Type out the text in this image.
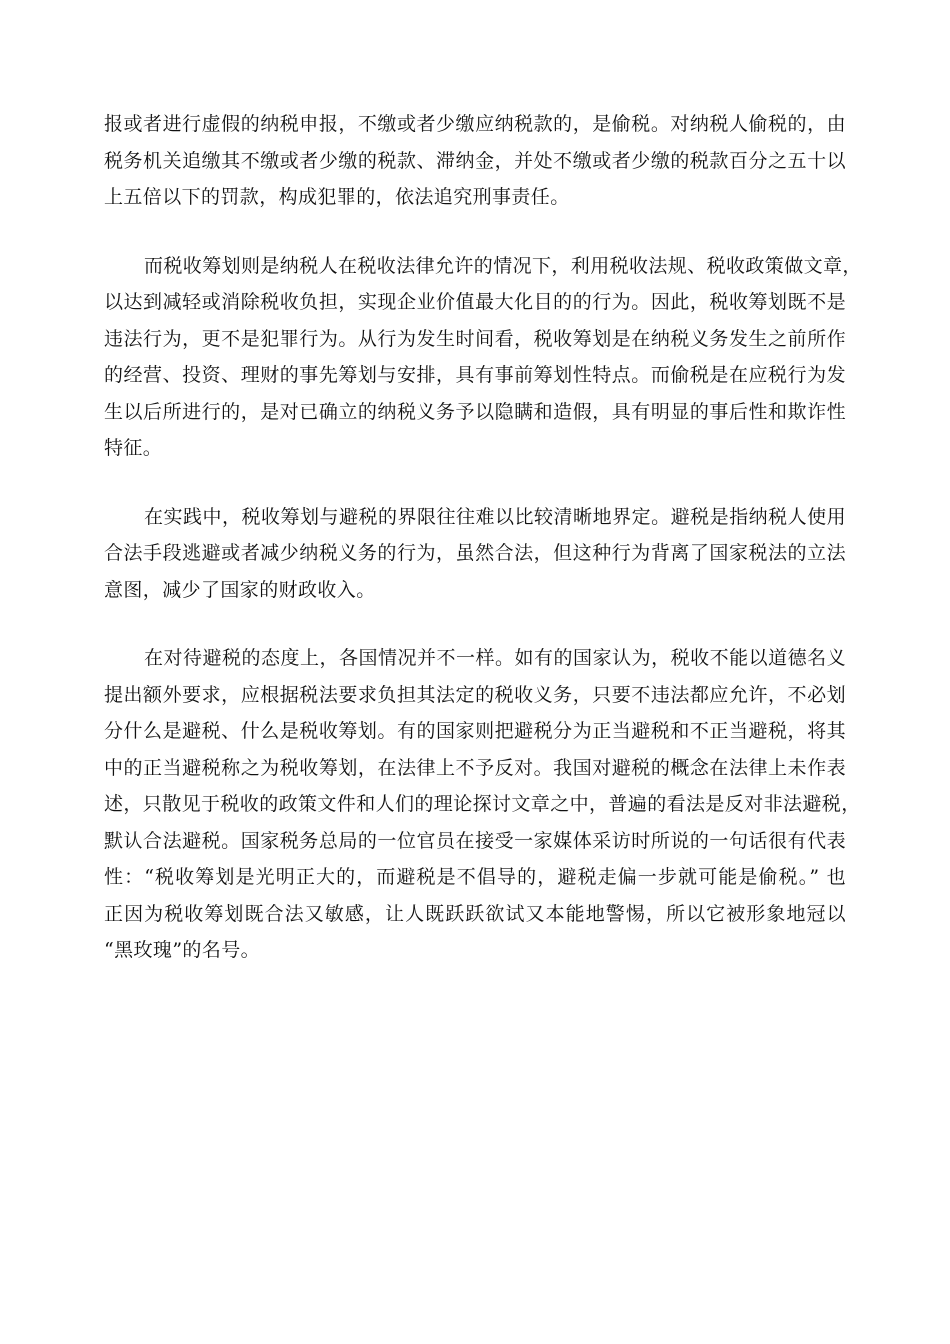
报或者进行虚假的纳税申报，不缴或者少缴应纳税款的，是偷税。对纳税人偷税的，由
税务机关追缴其不缴或者少缴的税款、滞纳金，并处不缴或者少缴的税款百分之五十以
上五倍以下的罚款，构成犯罪的，依法追究刑事责任。

而税收筹划则是纳税人在税收法律允许的情况下，利用税收法规、税收政策做文章，
以达到减轻或消除税收负担，实现企业价值最大化目的的行为。因此，税收筹划既不是
违法行为，更不是犯罪行为。从行为发生时间看，税收筹划是在纳税义务发生之前所作
的经营、投资、理财的事先筹划与安排，具有事前筹划性特点。而偷税是在应税行为发
生以后所进行的，是对已确立的纳税义务予以隐瞒和造假，具有明显的事后性和欺诈性
特征。

在实践中，税收筹划与避税的界限往往难以比较清晰地界定。避税是指纳税人使用
合法手段逃避或者减少纳税义务的行为，虽然合法，但这种行为背离了国家税法的立法
意图，减少了国家的财政收入。

在对待避税的态度上，各国情况并不一样。如有的国家认为，税收不能以道德名义
提出额外要求，应根据税法要求负担其法定的税收义务，只要不违法都应允许，不必划
分什么是避税、什么是税收筹划。有的国家则把避税分为正当避税和不正当避税，将其
中的正当避税称之为税收筹划，在法律上不予反对。我国对避税的概念在法律上未作表
述，只散见于税收的政策文件和人们的理论探讨文章之中，普遍的看法是反对非法避税，
默认合法避税。国家税务总局的一位官员在接受一家媒体采访时所说的一句话很有代表
性：“税收筹划是光明正大的，而避税是不倡导的，避税走偏一步就可能是偷税。” 也
正因为税收筹划既合法又敏感，让人既跃跃欲试又本能地警惕，所以它被形象地冠以
“黑玫瑰”的名号。
